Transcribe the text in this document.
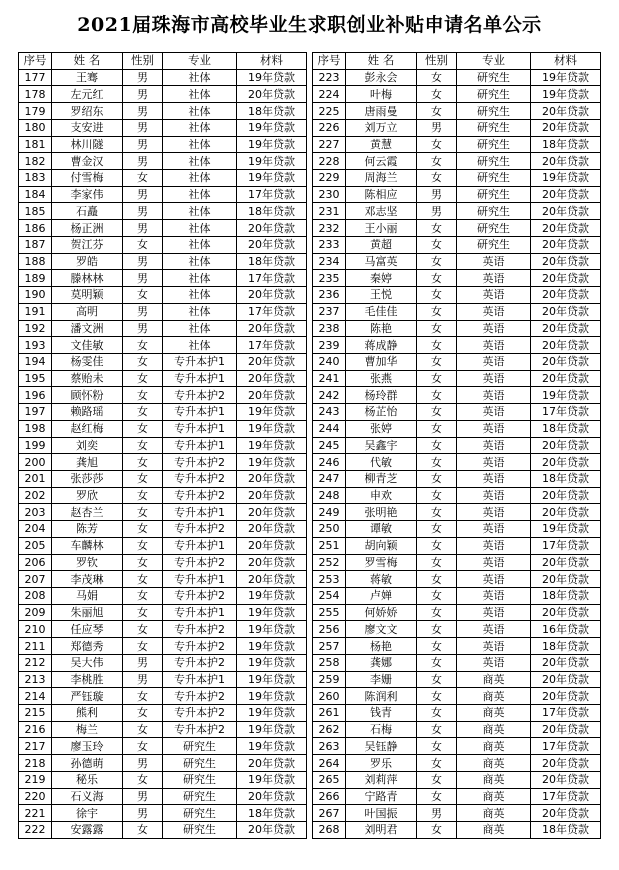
2021届珠海市高校毕业生求职创业补贴申请名单公示
序号	姓 名	性别	专业	材料
177	王骞	男	社体	19年贷款
178	左元红	男	社体	20年贷款
179	罗绍东	男	社体	18年贷款
180	支安进	男	社体	19年贷款
181	林川隧	男	社体	19年贷款
182	曹金汉	男	社体	19年贷款
183	付雪梅	女	社体	19年贷款
184	李家伟	男	社体	17年贷款
185	石矗	男	社体	18年贷款
186	杨正洲	男	社体	20年贷款
187	贺江芬	女	社体	20年贷款
188	罗皓	男	社体	18年贷款
189	滕林林	男	社体	17年贷款
190	莫明颖	女	社体	20年贷款
191	高明	男	社体	17年贷款
192	潘文洲	男	社体	20年贷款
193	文佳敏	女	社体	17年贷款
194	杨雯佳	女	专升本护1	20年贷款
195	蔡贻未	女	专升本护1	20年贷款
196	顾怀粉	女	专升本护2	20年贷款
197	赖路瑶	女	专升本护1	19年贷款
198	赵红梅	女	专升本护1	19年贷款
199	刘奕	女	专升本护1	19年贷款
200	龚旭	女	专升本护2	19年贷款
201	张莎莎	女	专升本护2	20年贷款
202	罗欣	女	专升本护2	20年贷款
203	赵杏兰	女	专升本护1	20年贷款
204	陈芳	女	专升本护2	20年贷款
205	车麟林	女	专升本护1	20年贷款
206	罗钦	女	专升本护2	20年贷款
207	李茂琳	女	专升本护1	20年贷款
208	马娟	女	专升本护2	19年贷款
209	朱丽旭	女	专升本护1	19年贷款
210	任应琴	女	专升本护2	19年贷款
211	郑德秀	女	专升本护2	19年贷款
212	吴大伟	男	专升本护2	19年贷款
213	李桃胜	男	专升本护1	19年贷款
214	严钰璇	女	专升本护2	19年贷款
215	熊利	女	专升本护2	19年贷款
216	梅兰	女	专升本护2	19年贷款
217	廖玉玲	女	研究生	19年贷款
218	孙德萌	男	研究生	20年贷款
219	秘乐	女	研究生	19年贷款
220	石义海	男	研究生	20年贷款
221	徐宇	男	研究生	18年贷款
222	安露露	女	研究生	20年贷款
序号	姓 名	性别	专业	材料
223	彭永会	女	研究生	19年贷款
224	叶梅	女	研究生	19年贷款
225	唐雨曼	女	研究生	20年贷款
226	刘万立	男	研究生	20年贷款
227	黄慧	女	研究生	18年贷款
228	何云霞	女	研究生	20年贷款
229	周海兰	女	研究生	19年贷款
230	陈相应	男	研究生	20年贷款
231	邓志坚	男	研究生	20年贷款
232	王小丽	女	研究生	20年贷款
233	黄超	女	研究生	20年贷款
234	马富英	女	英语	20年贷款
235	秦婷	女	英语	20年贷款
236	王悦	女	英语	20年贷款
237	毛佳佳	女	英语	20年贷款
238	陈艳	女	英语	20年贷款
239	蒋成静	女	英语	20年贷款
240	曹加华	女	英语	20年贷款
241	张燕	女	英语	20年贷款
242	杨玲群	女	英语	19年贷款
243	杨芷怡	女	英语	17年贷款
244	张婷	女	英语	18年贷款
245	吴鑫宇	女	英语	20年贷款
246	代敏	女	英语	20年贷款
247	柳青芝	女	英语	18年贷款
248	申欢	女	英语	20年贷款
249	张明艳	女	英语	20年贷款
250	谭敏	女	英语	19年贷款
251	胡向颖	女	英语	17年贷款
252	罗雪梅	女	英语	20年贷款
253	蒋敏	女	英语	20年贷款
254	卢婵	女	英语	18年贷款
255	何娇娇	女	英语	20年贷款
256	廖文文	女	英语	16年贷款
257	杨艳	女	英语	18年贷款
258	龚娜	女	英语	20年贷款
259	李姗	女	商英	20年贷款
260	陈润利	女	商英	20年贷款
261	钱青	女	商英	17年贷款
262	石梅	女	商英	20年贷款
263	吴钰静	女	商英	17年贷款
264	罗乐	女	商英	20年贷款
265	刘莉萍	女	商英	20年贷款
266	宁路青	女	商英	17年贷款
267	叶国振	男	商英	20年贷款
268	刘明君	女	商英	18年贷款
